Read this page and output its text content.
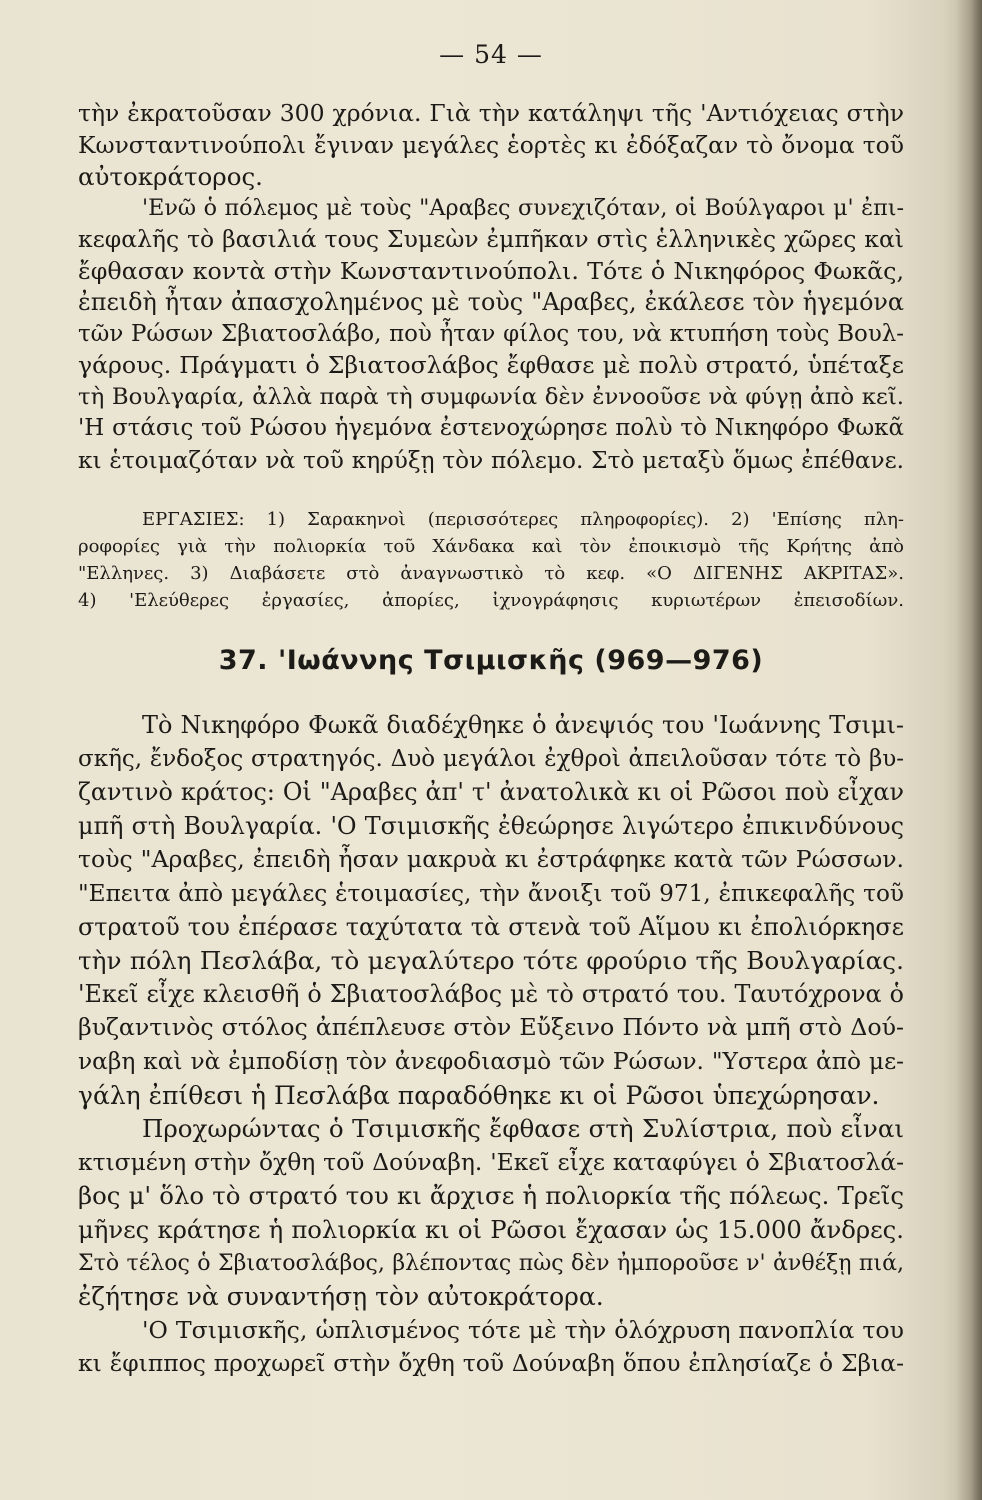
— 54 —
τὴν ἐκρατοῦσαν 300 χρόνια. Γιὰ τὴν κατάληψι τῆς 'Αντιόχειας στὴν
Κωνσταντινούπολι ἔγιναν μεγάλες ἑορτὲς κι ἐδόξαζαν τὸ ὄνομα τοῦ
αὐτοκράτορος.
'Ενῶ ὁ πόλεμος μὲ τοὺς "Αραβες συνεχιζόταν, οἱ Βούλγαροι μ' ἐπι-
κεφαλῆς τὸ βασιλιά τους Συμεὼν ἐμπῆκαν στὶς ἑλληνικὲς χῶρες καὶ
ἔφθασαν κοντὰ στὴν Κωνσταντινούπολι. Τότε ὁ Νικηφόρος Φωκᾶς,
ἐπειδὴ ἦταν ἀπασχολημένος μὲ τοὺς "Αραβες, ἐκάλεσε τὸν ἡγεμόνα
τῶν Ρώσων Σβιατοσλάβο, ποὺ ἦταν φίλος του, νὰ κτυπήση τοὺς Βουλ-
γάρους. Πράγματι ὁ Σβιατοσλάβος ἔφθασε μὲ πολὺ στρατό, ὑπέταξε
τὴ Βουλγαρία, ἀλλὰ παρὰ τὴ συμφωνία δὲν ἐννοοῦσε νὰ φύγῃ ἀπὸ κεῖ.
'Η στάσις τοῦ Ρώσου ἡγεμόνα ἐστενοχώρησε πολὺ τὸ Νικηφόρο Φωκᾶ
κι ἑτοιμαζόταν νὰ τοῦ κηρύξῃ τὸν πόλεμο. Στὸ μεταξὺ ὅμως ἐπέθανε.
ΕΡΓΑΣΙΕΣ: 1) Σαρακηνοὶ (περισσότερες πληροφορίες). 2) 'Επίσης πλη-
ροφορίες γιὰ τὴν πολιορκία τοῦ Χάνδακα καὶ τὸν ἐποικισμὸ τῆς Κρήτης ἀπὸ
"Ελληνες. 3) Διαβάσετε στὸ ἀναγνωστικὸ τὸ κεφ. «Ο ΔΙΓΕΝΗΣ ΑΚΡΙΤΑΣ».
4) 'Ελεύθερες ἐργασίες, ἀπορίες, ἰχνογράφησις κυριωτέρων ἐπεισοδίων.
37. 'Ιωάννης Τσιμισκῆς (969—976)
Τὸ Νικηφόρο Φωκᾶ διαδέχθηκε ὁ ἀνεψιός του 'Ιωάννης Τσιμι-
σκῆς, ἔνδοξος στρατηγός. Δυὸ μεγάλοι ἐχθροὶ ἀπειλοῦσαν τότε τὸ βυ-
ζαντινὸ κράτος: Οἱ "Αραβες ἀπ' τ' ἀνατολικὰ κι οἱ Ρῶσοι ποὺ εἶχαν
μπῆ στὴ Βουλγαρία. 'Ο Τσιμισκῆς ἐθεώρησε λιγώτερο ἐπικινδύνους
τοὺς "Αραβες, ἐπειδὴ ἦσαν μακρυὰ κι ἐστράφηκε κατὰ τῶν Ρώσσων.
"Επειτα ἀπὸ μεγάλες ἑτοιμασίες, τὴν ἄνοιξι τοῦ 971, ἐπικεφαλῆς τοῦ
στρατοῦ του ἐπέρασε ταχύτατα τὰ στενὰ τοῦ Αἵμου κι ἐπολιόρκησε
τὴν πόλη Πεσλάβα, τὸ μεγαλύτερο τότε φρούριο τῆς Βουλγαρίας.
'Εκεῖ εἶχε κλεισθῆ ὁ Σβιατοσλάβος μὲ τὸ στρατό του. Ταυτόχρονα ὁ
βυζαντινὸς στόλος ἀπέπλευσε στὸν Εὔξεινο Πόντο νὰ μπῆ στὸ Δού-
ναβη καὶ νὰ ἐμποδίσῃ τὸν ἀνεφοδιασμὸ τῶν Ρώσων. "Υστερα ἀπὸ με-
γάλη ἐπίθεσι ἡ Πεσλάβα παραδόθηκε κι οἱ Ρῶσοι ὑπεχώρησαν.
Προχωρώντας ὁ Τσιμισκῆς ἔφθασε στὴ Συλίστρια, ποὺ εἶναι
κτισμένη στὴν ὄχθη τοῦ Δούναβη. 'Εκεῖ εἶχε καταφύγει ὁ Σβιατοσλά-
βος μ' ὅλο τὸ στρατό του κι ἄρχισε ἡ πολιορκία τῆς πόλεως. Τρεῖς
μῆνες κράτησε ἡ πολιορκία κι οἱ Ρῶσοι ἔχασαν ὡς 15.000 ἄνδρες.
Στὸ τέλος ὁ Σβιατοσλάβος, βλέποντας πὼς δὲν ἠμποροῦσε ν' ἀνθέξῃ πιά,
ἐζήτησε νὰ συναντήσῃ τὸν αὐτοκράτορα.
'Ο Τσιμισκῆς, ὡπλισμένος τότε μὲ τὴν ὁλόχρυση πανοπλία του
κι ἔφιππος προχωρεῖ στὴν ὄχθη τοῦ Δούναβη ὅπου ἐπλησίαζε ὁ Σβια-
